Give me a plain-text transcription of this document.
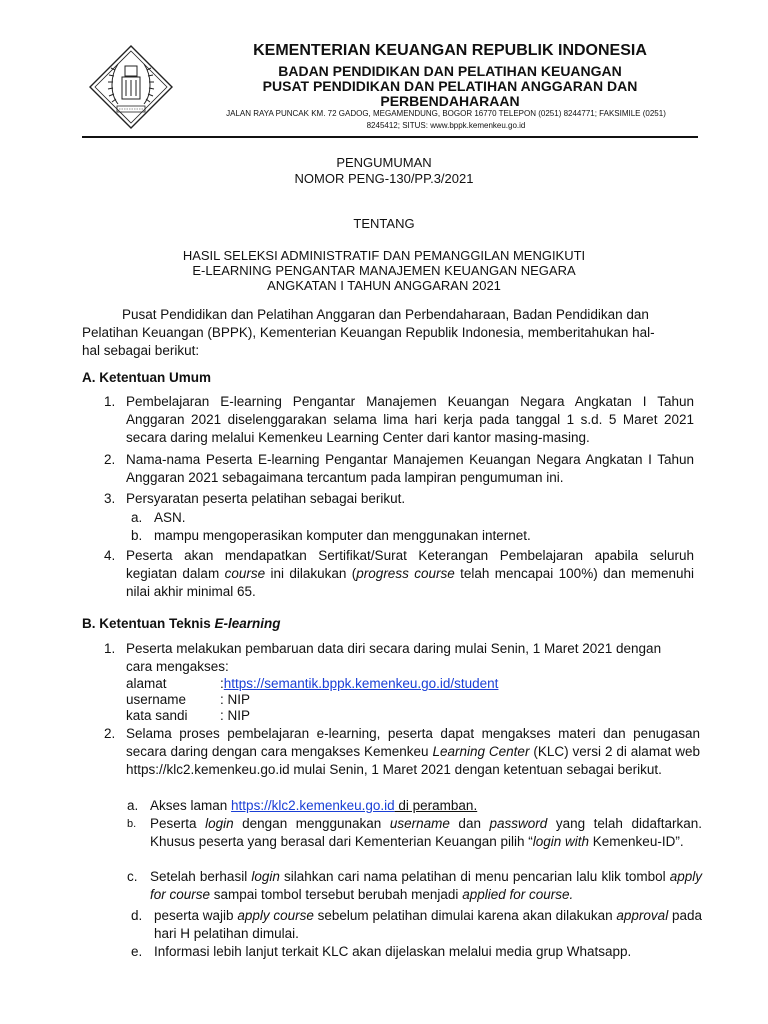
KEMENTERIAN KEUANGAN REPUBLIK INDONESIA
BADAN PENDIDIKAN DAN PELATIHAN KEUANGAN
PUSAT PENDIDIKAN DAN PELATIHAN ANGGARAN DAN
PERBENDAHARAAN
JALAN RAYA PUNCAK KM. 72 GADOG, MEGAMENDUNG, BOGOR 16770 TELEPON (0251) 8244771; FAKSIMILE (0251)
8245412; SITUS: www.bppk.kemenkeu.go.id
PENGUMUMAN
NOMOR PENG-130/PP.3/2021
TENTANG
HASIL SELEKSI ADMINISTRATIF DAN PEMANGGILAN MENGIKUTI
E-LEARNING PENGANTAR MANAJEMEN KEUANGAN NEGARA
ANGKATAN I TAHUN ANGGARAN 2021
Pusat Pendidikan dan Pelatihan Anggaran dan Perbendaharaan, Badan Pendidikan dan
Pelatihan Keuangan (BPPK), Kementerian Keuangan Republik Indonesia, memberitahukan hal-
hal sebagai berikut:
A. Ketentuan Umum
1. Pembelajaran E-learning Pengantar Manajemen Keuangan Negara Angkatan I Tahun Anggaran 2021 diselenggarakan selama lima hari kerja pada tanggal 1 s.d. 5 Maret 2021 secara daring melalui Kemenkeu Learning Center dari kantor masing-masing.
2. Nama-nama Peserta E-learning Pengantar Manajemen Keuangan Negara Angkatan I Tahun Anggaran 2021 sebagaimana tercantum pada lampiran pengumuman ini.
3. Persyaratan peserta pelatihan sebagai berikut.
a. ASN.
b. mampu mengoperasikan komputer dan menggunakan internet.
4. Peserta akan mendapatkan Sertifikat/Surat Keterangan Pembelajaran apabila seluruh kegiatan dalam course ini dilakukan (progress course telah mencapai 100%) dan memenuhi nilai akhir minimal 65.
B. Ketentuan Teknis E-learning
1. Peserta melakukan pembaruan data diri secara daring mulai Senin, 1 Maret 2021 dengan
cara mengakses:
alamat	:https://semantik.bppk.kemenkeu.go.id/student
username	: NIP
kata sandi : NIP
2. Selama proses pembelajaran e-learning, peserta dapat mengakses materi dan penugasan secara daring dengan cara mengakses Kemenkeu Learning Center (KLC) versi 2 di alamat web https://klc2.kemenkeu.go.id mulai Senin, 1 Maret 2021 dengan ketentuan sebagai berikut.
a. Akses laman https://klc2.kemenkeu.go.id di peramban.
b. Peserta login dengan menggunakan username dan password yang telah didaftarkan. Khusus peserta yang berasal dari Kementerian Keuangan pilih “login with Kemenkeu-ID”.
c. Setelah berhasil login silahkan cari nama pelatihan di menu pencarian lalu klik tombol apply for course sampai tombol tersebut berubah menjadi applied for course.
d. peserta wajib apply course sebelum pelatihan dimulai karena akan dilakukan approval pada hari H pelatihan dimulai.
e. Informasi lebih lanjut terkait KLC akan dijelaskan melalui media grup Whatsapp.
